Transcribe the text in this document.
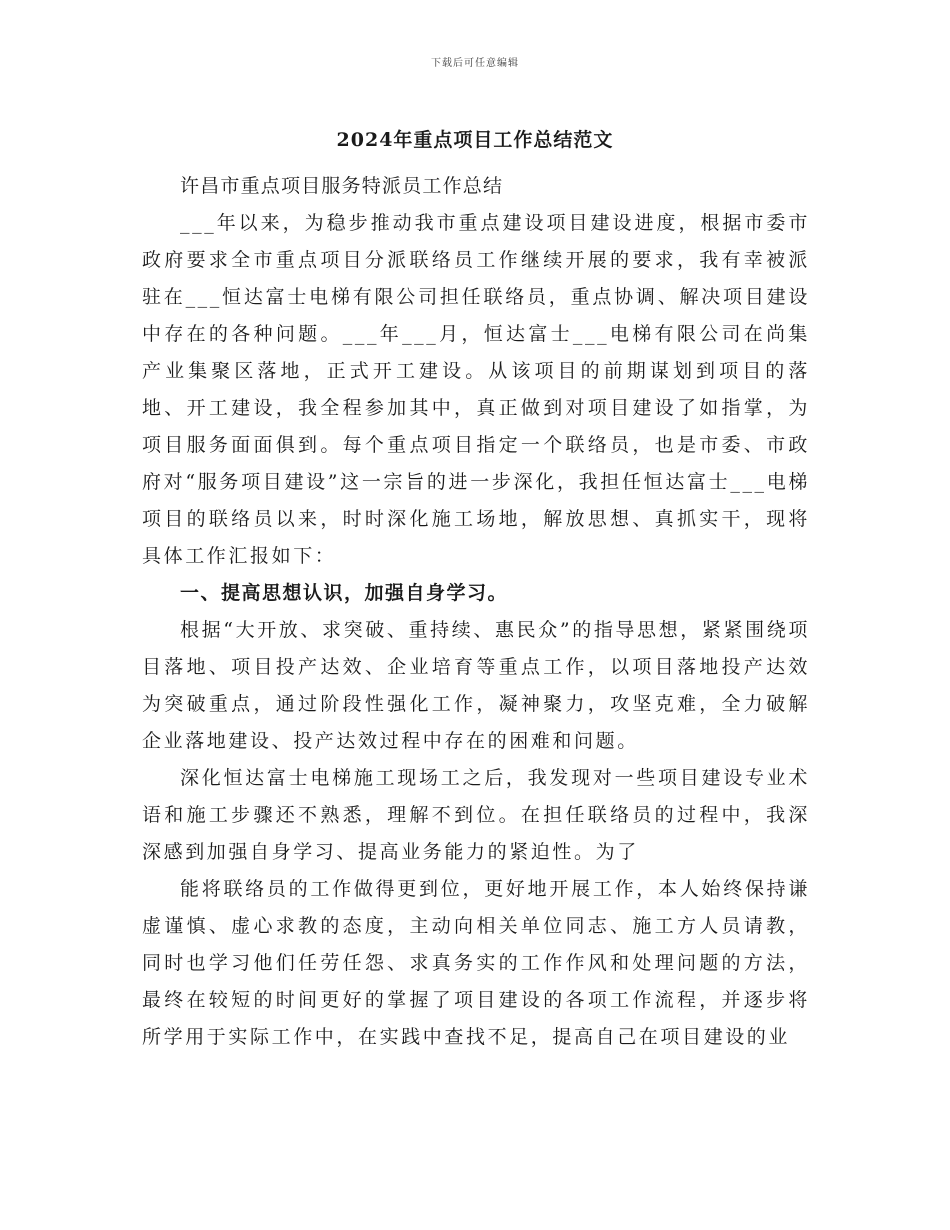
下载后可任意编辑
2024年重点项目工作总结范文

许昌市重点项目服务特派员工作总结

___年以来，为稳步推动我市重点建设项目建设进度，根据市委市政府要求全市重点项目分派联络员工作继续开展的要求，我有幸被派驻在___恒达富士电梯有限公司担任联络员，重点协调、解决项目建设中存在的各种问题。___年___月，恒达富士___电梯有限公司在尚集产业集聚区落地，正式开工建设。从该项目的前期谋划到项目的落地、开工建设，我全程参加其中，真正做到对项目建设了如指掌，为项目服务面面俱到。每个重点项目指定一个联络员，也是市委、市政府对“服务项目建设”这一宗旨的进一步深化，我担任恒达富士___电梯项目的联络员以来，时时深化施工场地，解放思想、真抓实干，现将具体工作汇报如下：

一、提高思想认识，加强自身学习。

根据“大开放、求突破、重持续、惠民众”的指导思想，紧紧围绕项目落地、项目投产达效、企业培育等重点工作，以项目落地投产达效为突破重点，通过阶段性强化工作，凝神聚力，攻坚克难，全力破解企业落地建设、投产达效过程中存在的困难和问题。

深化恒达富士电梯施工现场工之后，我发现对一些项目建设专业术语和施工步骤还不熟悉，理解不到位。在担任联络员的过程中，我深深感到加强自身学习、提高业务能力的紧迫性。为了

能将联络员的工作做得更到位，更好地开展工作，本人始终保持谦虚谨慎、虚心求教的态度，主动向相关单位同志、施工方人员请教，同时也学习他们任劳任怨、求真务实的工作作风和处理问题的方法，最终在较短的时间更好的掌握了项目建设的各项工作流程，并逐步将所学用于实际工作中，在实践中查找不足，提高自己在项目建设的业
